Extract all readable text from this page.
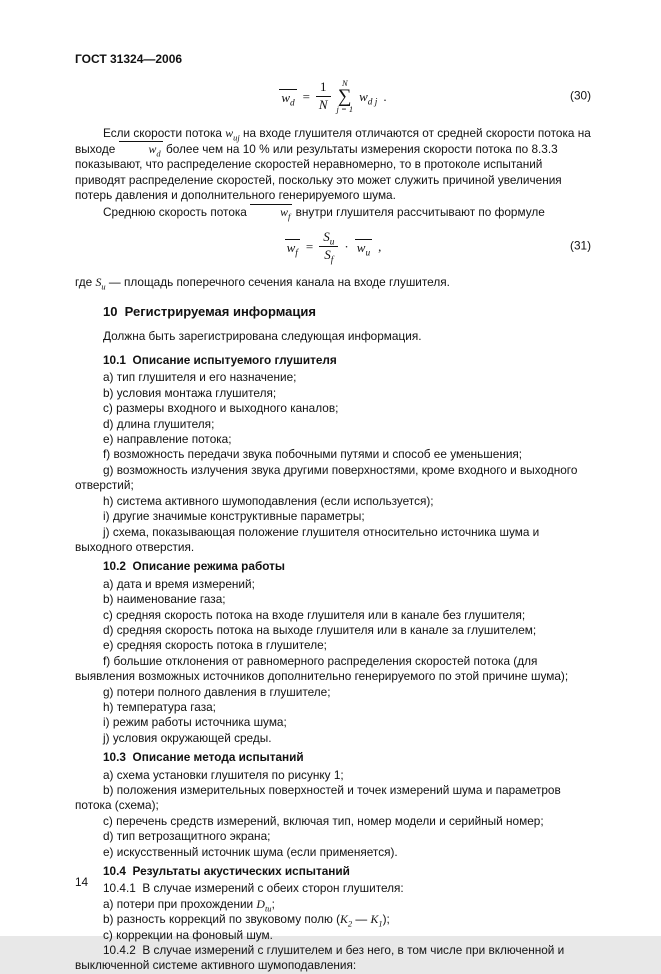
ГОСТ 31324—2006
$w_d = \frac{1}{N}$ N
∑
j = 1
$w_{d j}$ .	(30)

Если скорости потока $w_{uj}$ на входе глушителя отличаются от средней скорости потока на выходе	$w_d$ более чем на 10 % или результаты измерения скорости потока по 8.3.3 показывают, что распределение скоростей неравномерно, то в протоколе испытаний приводят распределение скоростей, поскольку это может служить причиной увеличения потерь давления и дополнительного генерируемого шума.

Среднюю скорость потока	$w_f$ внутри глушителя рассчитывают по формуле

$w_f = \frac{S_u}{S_f} \cdot w_u$ ,	(31)

где $S_u$ — площадь поперечного сечения канала на входе глушителя.

10  Регистрируемая информация

Должна быть зарегистрирована следующая информация.

10.1  Описание испытуемого глушителя

a) тип глушителя и его назначение;

b) условия монтажа глушителя;

c) размеры входного и выходного каналов;

d) длина глушителя;

e) направление потока;

f) возможность передачи звука побочными путями и способ ее уменьшения;

g) возможность излучения звука другими поверхностями, кроме входного и выходного отверстий;

h) система активного шумоподавления (если используется);

i) другие значимые конструктивные параметры;

j) схема, показывающая положение глушителя относительно источника шума и выходного отверстия.

10.2  Описание режима работы

a) дата и время измерений;

b) наименование газа;

c) средняя скорость потока на входе глушителя или в канале без глушителя;

d) средняя скорость потока на выходе глушителя или в канале за глушителем;

e) средняя скорость потока в глушителе;

f) большие отклонения от равномерного распределения скоростей потока (для выявления возможных источников дополнительно генерируемого по этой причине шума);

g) потери полного давления в глушителе;

h) температура газа;

i) режим работы источника шума;

j) условия окружающей среды.

10.3  Описание метода испытаний

a) схема установки глушителя по рисунку 1;

b) положения измерительных поверхностей и точек измерений шума и параметров потока (схема);

c) перечень средств измерений, включая тип, номер модели и серийный номер;

d) тип ветрозащитного экрана;

e) искусственный источник шума (если применяется).

10.4  Результаты акустических испытаний

10.4.1  В случае измерений с обеих сторон глушителя:

a) потери при прохождении $D_{tu}$;

b) разность коррекций по звуковому полю ($K_2$ — $K_1$);

c) коррекции на фоновый шум.

10.4.2  В случае измерений с глушителем и без него, в том числе при включенной и выключенной системе активного шумоподавления:

14
